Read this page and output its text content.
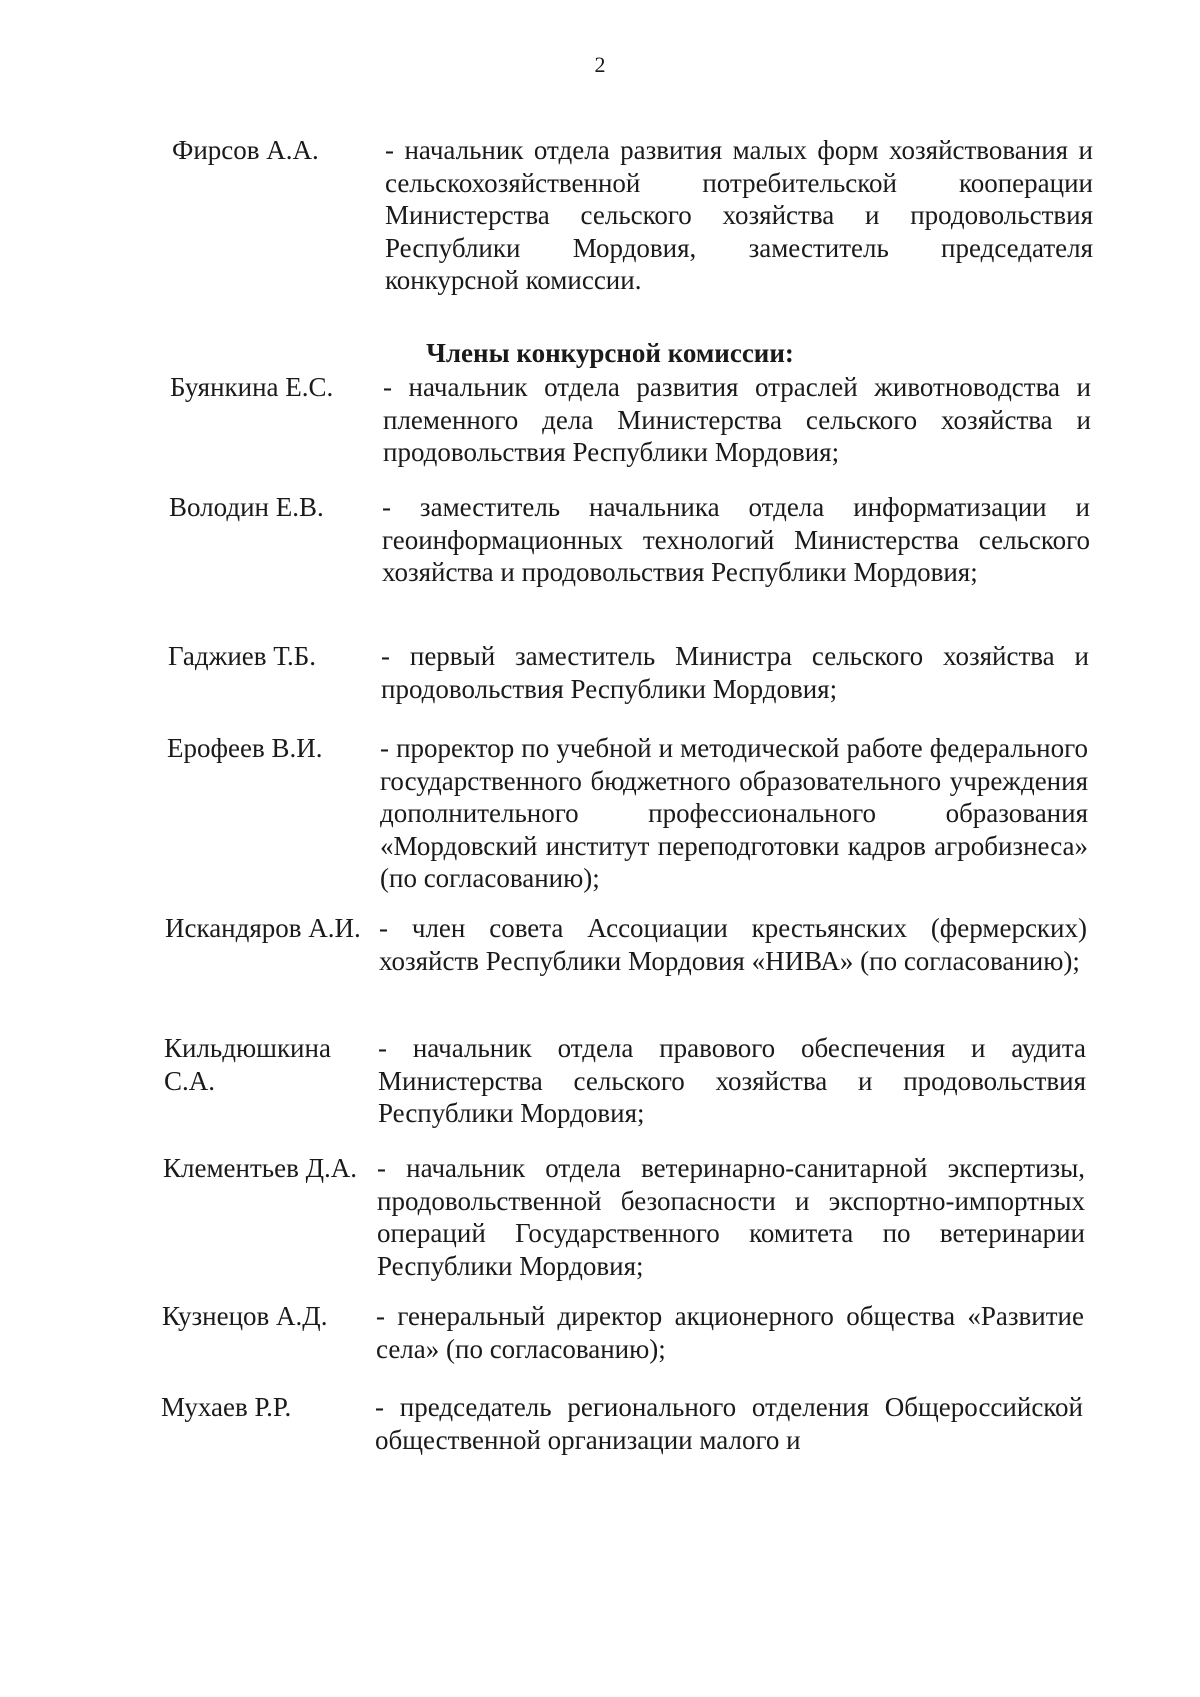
2
Фирсов А.А. - начальник отдела развития малых форм хозяйствования и сельскохозяйственной потребительской кооперации Министерства сельского хозяйства и продовольствия Республики Мордовия, заместитель председателя конкурсной комиссии.
Члены конкурсной комиссии:
Буянкина Е.С. - начальник отдела развития отраслей животноводства и племенного дела Министерства сельского хозяйства и продовольствия Республики Мордовия;
Володин Е.В. - заместитель начальника отдела информатизации и геоинформационных технологий Министерства сельского хозяйства и продовольствия Республики Мордовия;
Гаджиев Т.Б. - первый заместитель Министра сельского хозяйства и продовольствия Республики Мордовия;
Ерофеев В.И. - проректор по учебной и методической работе федерального государственного бюджетного образовательного учреждения дополнительного профессионального образования «Мордовский институт переподготовки кадров агробизнеса» (по согласованию);
Искандяров А.И. - член совета Ассоциации крестьянских (фермерских) хозяйств Республики Мордовия «НИВА» (по согласованию);
Кильдюшкина С.А.
- начальник отдела правового обеспечения и аудита Министерства сельского хозяйства и продовольствия Республики Мордовия;
Клементьев Д.А. - начальник отдела ветеринарно-санитарной экспертизы, продовольственной безопасности и экспортно-импортных операций Государственного комитета по ветеринарии Республики Мордовия;
Кузнецов А.Д. - генеральный директор акционерного общества «Развитие села» (по согласованию);
Мухаев Р.Р.	- председатель регионального отделения Общероссийской общественной организации малого и
